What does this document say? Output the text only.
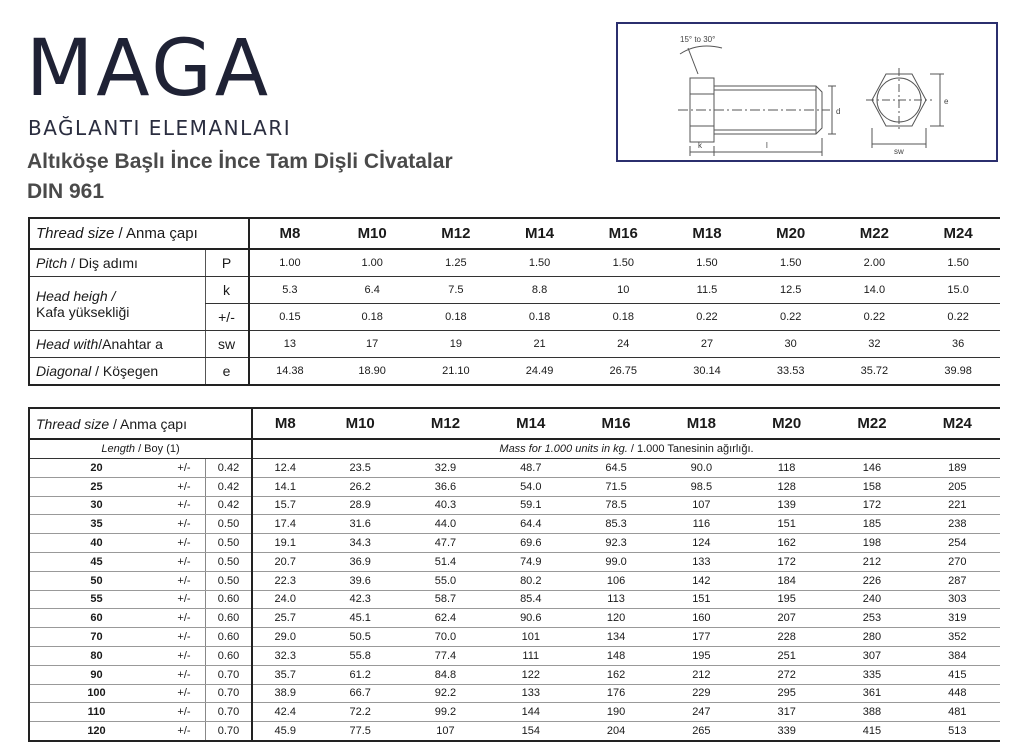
MAGA
BAĞLANTI ELEMANLARI
Altıköşe Başlı İnce İnce Tam Dişli Cİvatalar
DIN 961
15° to 30°
k	l
d
sw
e
Thread size / Anma çapı		M8	M10	M12	M14	M16	M18	M20	M22	M24
Pitch / Diş adımı	P	1.00	1.00	1.25	1.50	1.50	1.50	1.50	2.00	1.50
Head heigh /
Kafa yüksekliği	k	5.3	6.4	7.5	8.8	10	11.5	12.5	14.0	15.0
	+/-	0.15	0.18	0.18	0.18	0.18	0.22	0.22	0.22	0.22
Head with/Anahtar a	sw	13	17	19	21	24	27	30	32	36
Diagonal / Köşegen	e	14.38	18.90	21.10	24.49	26.75	30.14	33.53	35.72	39.98
Thread size / Anma çapı			M8	M10	M12	M14	M16	M18	M20	M22	M24
Length / Boy (1)			Mass for 1.000 units in kg. / 1.000 Tanesinin ağırlığı.								
20	+/-	0.42	12.4	23.5	32.9	48.7	64.5	90.0	118	146	189
25	+/-	0.42	14.1	26.2	36.6	54.0	71.5	98.5	128	158	205
30	+/-	0.42	15.7	28.9	40.3	59.1	78.5	107	139	172	221
35	+/-	0.50	17.4	31.6	44.0	64.4	85.3	116	151	185	238
40	+/-	0.50	19.1	34.3	47.7	69.6	92.3	124	162	198	254
45	+/-	0.50	20.7	36.9	51.4	74.9	99.0	133	172	212	270
50	+/-	0.50	22.3	39.6	55.0	80.2	106	142	184	226	287
55	+/-	0.60	24.0	42.3	58.7	85.4	113	151	195	240	303
60	+/-	0.60	25.7	45.1	62.4	90.6	120	160	207	253	319
70	+/-	0.60	29.0	50.5	70.0	101	134	177	228	280	352
80	+/-	0.60	32.3	55.8	77.4	111	148	195	251	307	384
90	+/-	0.70	35.7	61.2	84.8	122	162	212	272	335	415
100	+/-	0.70	38.9	66.7	92.2	133	176	229	295	361	448
110	+/-	0.70	42.4	72.2	99.2	144	190	247	317	388	481
120	+/-	0.70	45.9	77.5	107	154	204	265	339	415	513
